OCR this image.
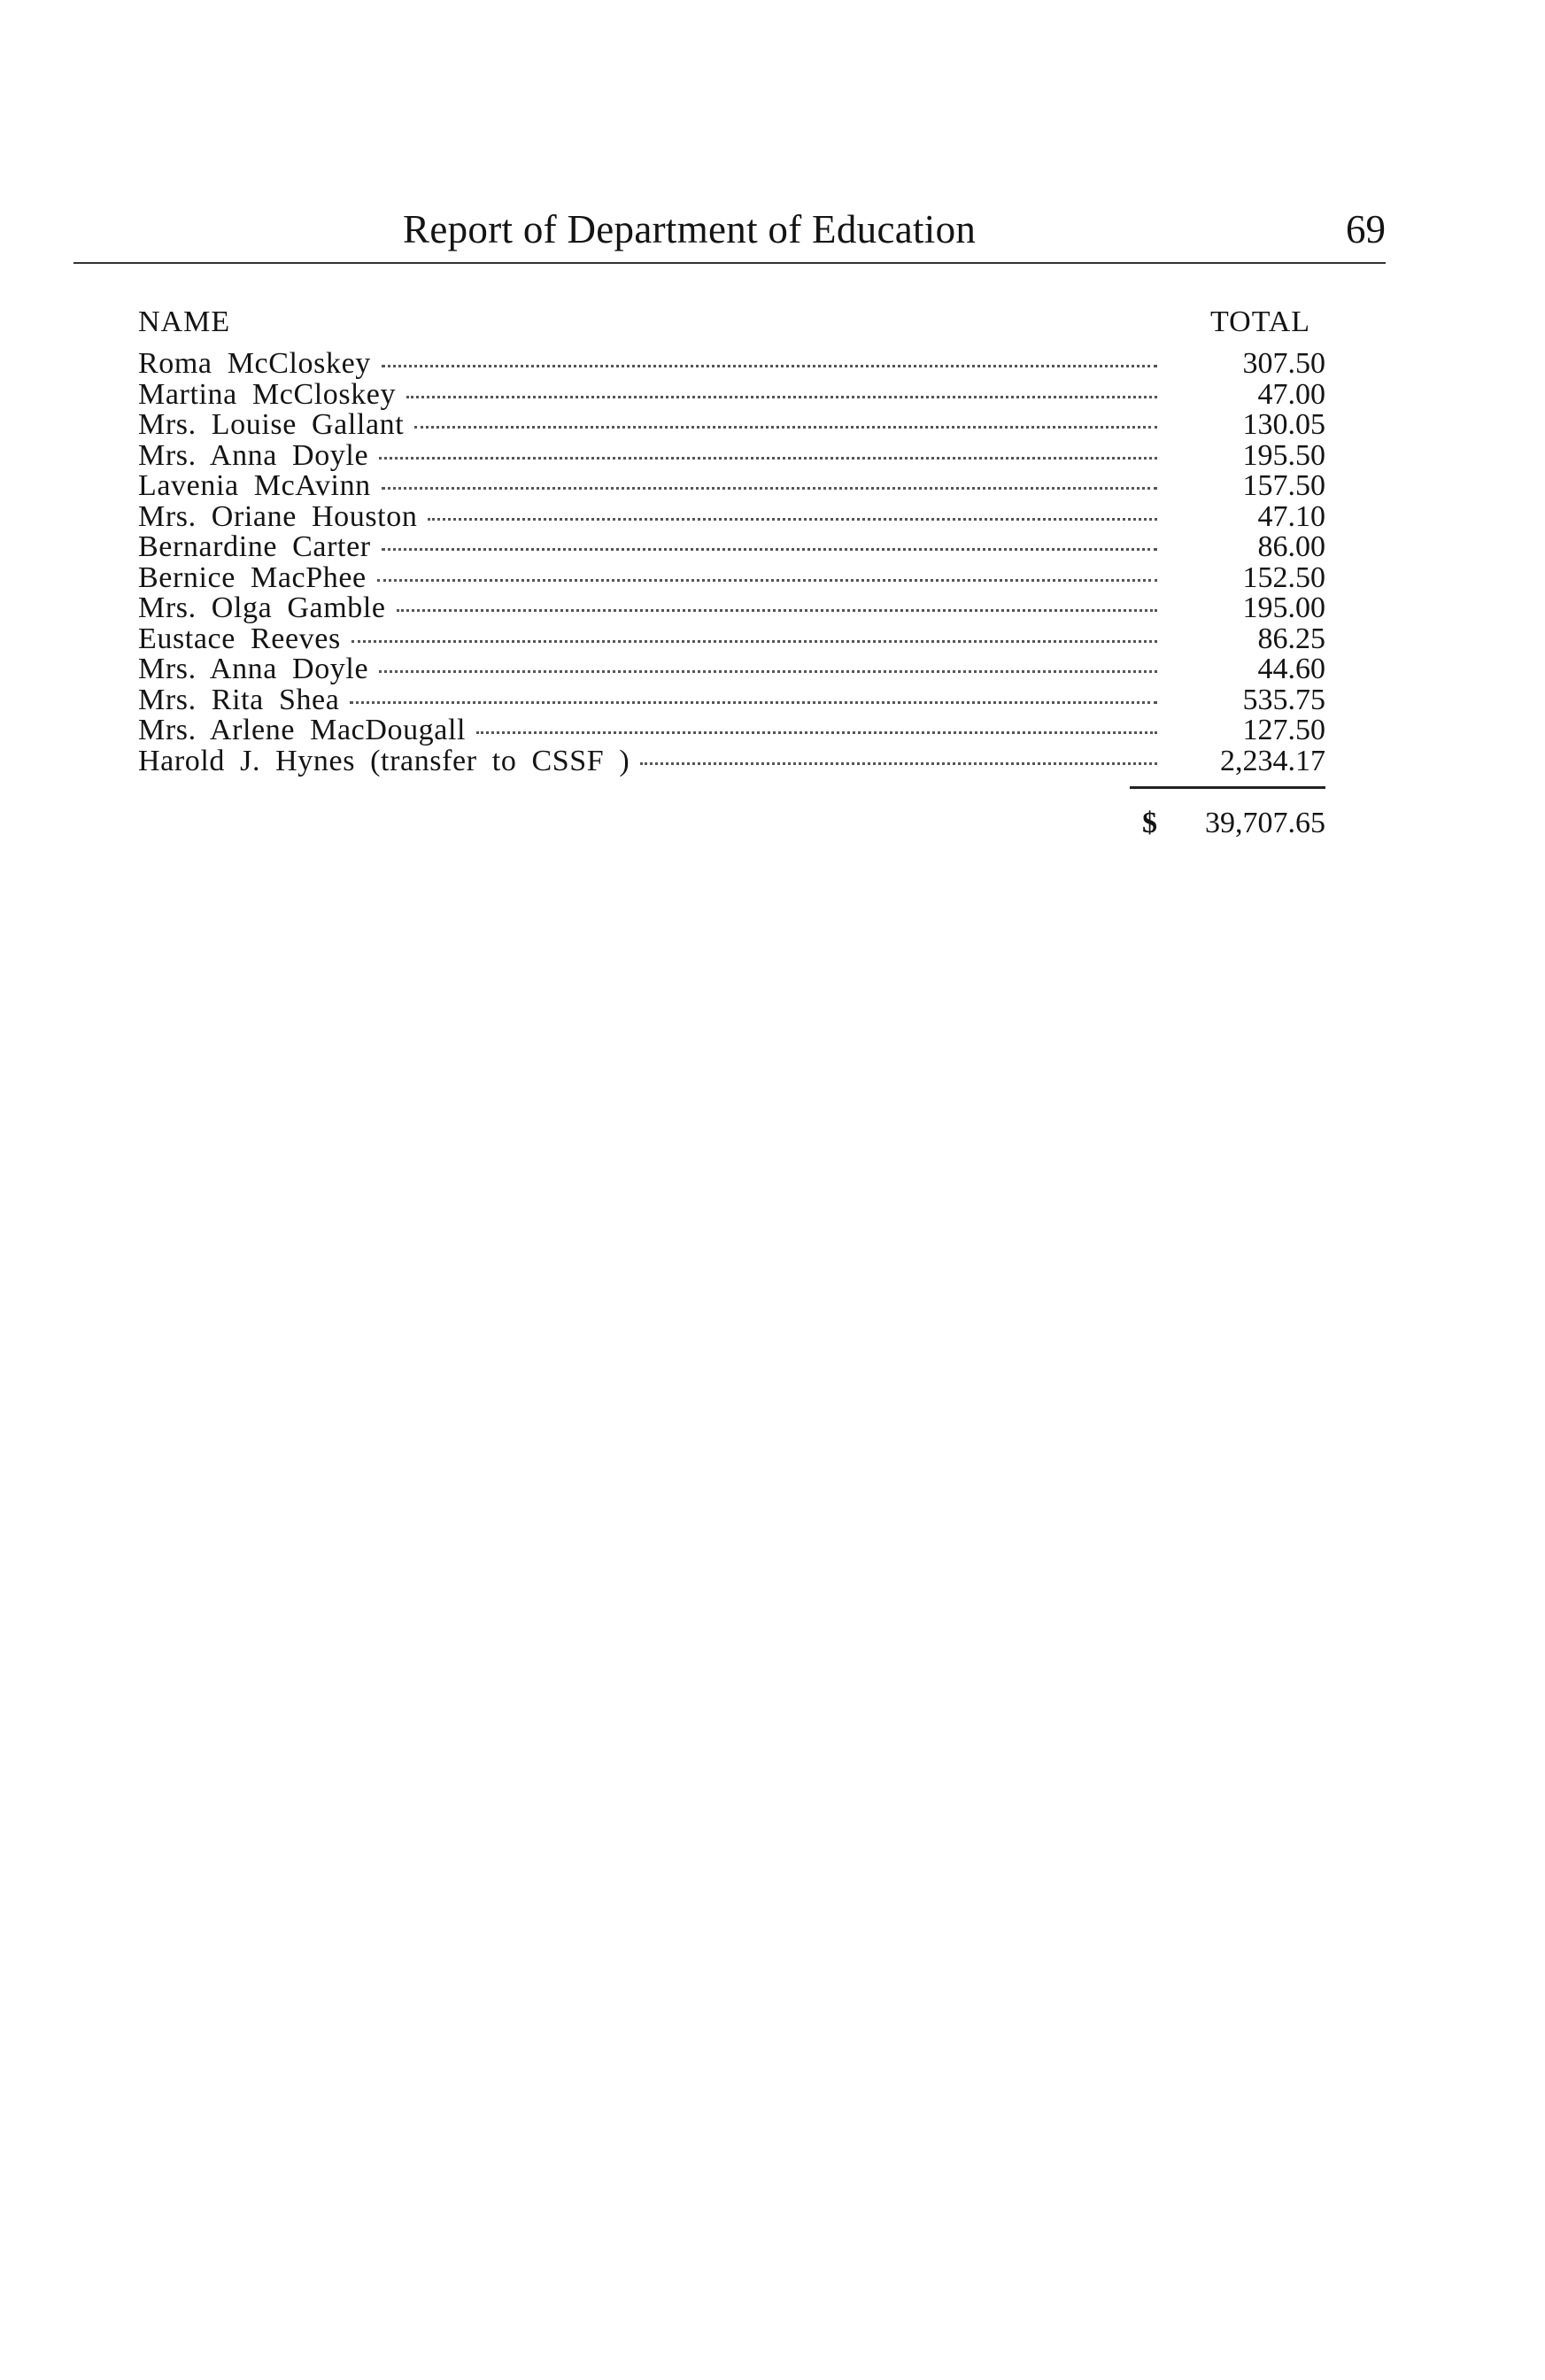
Report of Department of Education	69
NAME	TOTAL
Roma McCloskey	307.50
Martina McCloskey	47.00
Mrs. Louise Gallant	130.05
Mrs. Anna Doyle	195.50
Lavenia McAvinn	157.50
Mrs. Oriane Houston	47.10
Bernardine Carter	86.00
Bernice MacPhee	152.50
Mrs. Olga Gamble	195.00
Eustace Reeves	86.25
Mrs. Anna Doyle	44.60
Mrs. Rita Shea	535.75
Mrs. Arlene MacDougall	127.50
Harold J. Hynes (transfer to CSSF )	2,234.17
$ 39,707.65
